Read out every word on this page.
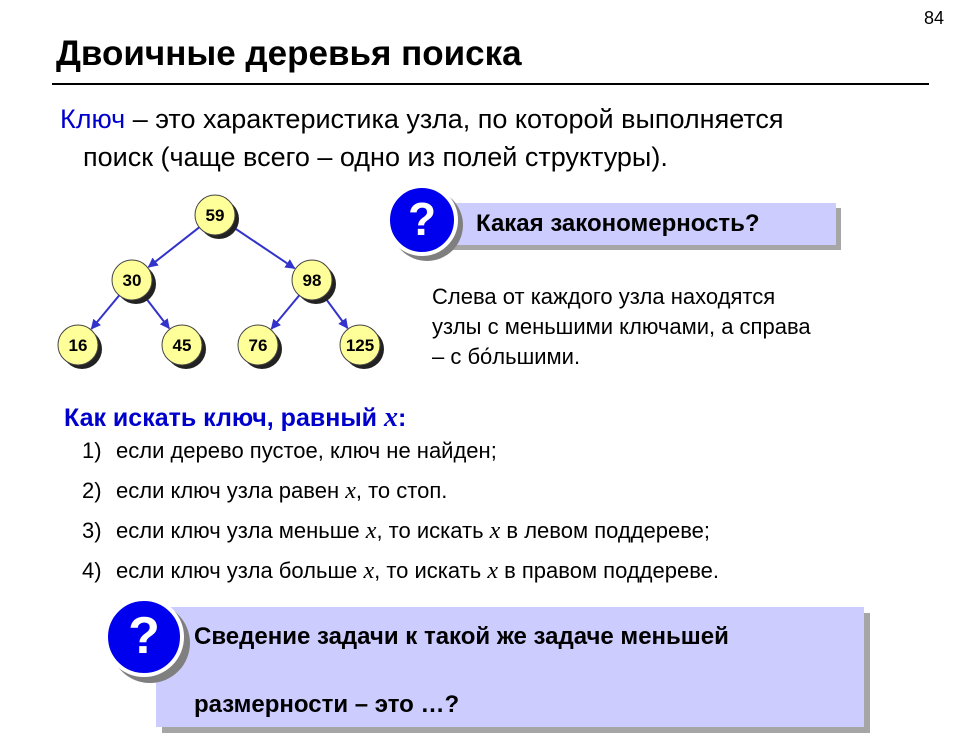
84
Двоичные деревья поиска
Ключ – это характеристика узла, по которой выполняется
поиск (чаще всего – одно из полей структуры).
59
30	98
16	45	76	125
Какая закономерность?
?
Слева от каждого узла находятся
узлы с меньшими ключами, а справа
– с бо́льшими.
Как искать ключ, равный x:
1) если дерево пустое, ключ не найден;
2) если ключ узла равен x, то стоп.
3) если ключ узла меньше x, то искать x в левом поддереве;
4) если ключ узла больше x, то искать x в правом поддереве.
Сведение задачи к такой же задаче меньшей
размерности – это …?
?
